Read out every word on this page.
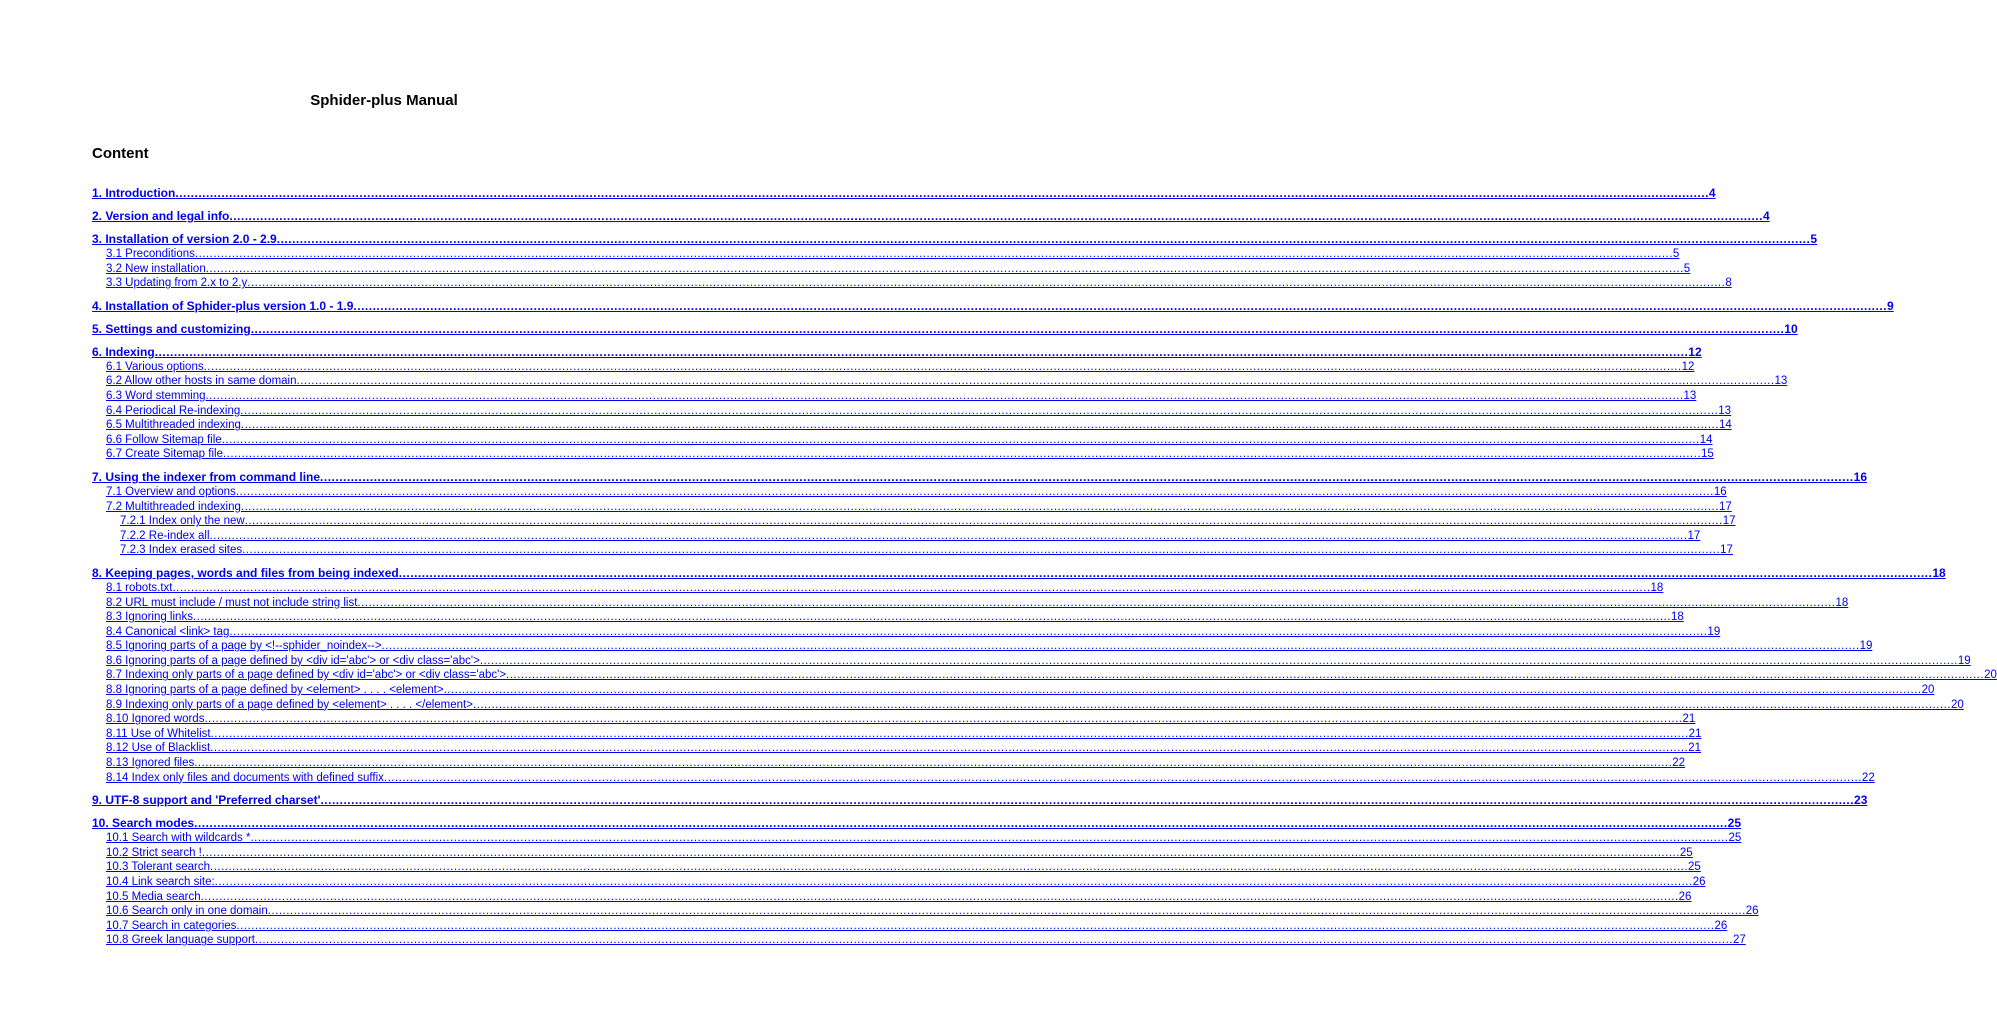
Sphider-plus Manual
Content
1. Introduction ................................................................................................................................................................................................................................................................................................................................................................................................................ 4
2. Version and legal info ................................................................................................................................................................................................................................................................................................................................................................................................................ 4
3. Installation of version 2.0 - 2.9 ................................................................................................................................................................................................................................................................................................................................................................................................................ 5
3.1 Preconditions ................................................................................................................................................................................................................................................................................................................................................................................................................ 5
3.2 New installation ................................................................................................................................................................................................................................................................................................................................................................................................................ 5
3.3 Updating from 2.x to 2.y ................................................................................................................................................................................................................................................................................................................................................................................................................ 8
4. Installation of Sphider-plus version 1.0 - 1.9 ................................................................................................................................................................................................................................................................................................................................................................................................................ 9
5. Settings and customizing ................................................................................................................................................................................................................................................................................................................................................................................................................ 10
6. Indexing ................................................................................................................................................................................................................................................................................................................................................................................................................ 12
6.1 Various options ................................................................................................................................................................................................................................................................................................................................................................................................................ 12
6.2 Allow other hosts in same domain ................................................................................................................................................................................................................................................................................................................................................................................................................ 13
6.3 Word stemming ................................................................................................................................................................................................................................................................................................................................................................................................................ 13
6.4 Periodical Re-indexing ................................................................................................................................................................................................................................................................................................................................................................................................................ 13
6.5 Multithreaded indexing ................................................................................................................................................................................................................................................................................................................................................................................................................ 14
6.6 Follow Sitemap file ................................................................................................................................................................................................................................................................................................................................................................................................................ 14
6.7 Create Sitemap file ................................................................................................................................................................................................................................................................................................................................................................................................................ 15
7. Using the indexer from command line ................................................................................................................................................................................................................................................................................................................................................................................................................ 16
7.1 Overview and options ................................................................................................................................................................................................................................................................................................................................................................................................................ 16
7.2 Multithreaded indexing ................................................................................................................................................................................................................................................................................................................................................................................................................ 17
7.2.1 Index only the new ................................................................................................................................................................................................................................................................................................................................................................................................................ 17
7.2.2 Re-index all ................................................................................................................................................................................................................................................................................................................................................................................................................ 17
7.2.3 Index erased sites ................................................................................................................................................................................................................................................................................................................................................................................................................ 17
8. Keeping pages, words and files from being indexed ................................................................................................................................................................................................................................................................................................................................................................................................................ 18
8.1 robots.txt ................................................................................................................................................................................................................................................................................................................................................................................................................ 18
8.2 URL must include / must not include string list ................................................................................................................................................................................................................................................................................................................................................................................................................ 18
8.3 Ignoring links ................................................................................................................................................................................................................................................................................................................................................................................................................ 18
8.4 Canonical <link> tag ................................................................................................................................................................................................................................................................................................................................................................................................................ 19
8.5 Ignoring parts of a page by <!--sphider_noindex--> ................................................................................................................................................................................................................................................................................................................................................................................................................ 19
8.6 Ignoring parts of a page defined by <div id='abc'> or <div class='abc'> ................................................................................................................................................................................................................................................................................................................................................................................................................ 19
8.7 Indexing only parts of a page defined by <div id='abc'> or <div class='abc'> ................................................................................................................................................................................................................................................................................................................................................................................................................ 20
8.8 Ignoring parts of a page defined by <element> . . . . <element> ................................................................................................................................................................................................................................................................................................................................................................................................................ 20
8.9 Indexing only parts of a page defined by <element> . . . . </element> ................................................................................................................................................................................................................................................................................................................................................................................................................ 20
8.10 Ignored words ................................................................................................................................................................................................................................................................................................................................................................................................................ 21
8.11 Use of Whitelist ................................................................................................................................................................................................................................................................................................................................................................................................................ 21
8.12 Use of Blacklist ................................................................................................................................................................................................................................................................................................................................................................................................................ 21
8.13 Ignored files ................................................................................................................................................................................................................................................................................................................................................................................................................ 22
8.14 Index only files and documents with defined suffix ................................................................................................................................................................................................................................................................................................................................................................................................................ 22
9. UTF-8 support and 'Preferred charset' ................................................................................................................................................................................................................................................................................................................................................................................................................ 23
10. Search modes ................................................................................................................................................................................................................................................................................................................................................................................................................ 25
10.1 Search with wildcards * ................................................................................................................................................................................................................................................................................................................................................................................................................ 25
10.2 Strict search ! ................................................................................................................................................................................................................................................................................................................................................................................................................ 25
10.3 Tolerant search ................................................................................................................................................................................................................................................................................................................................................................................................................ 25
10.4 Link search site: ................................................................................................................................................................................................................................................................................................................................................................................................................ 26
10.5 Media search ................................................................................................................................................................................................................................................................................................................................................................................................................ 26
10.6 Search only in one domain ................................................................................................................................................................................................................................................................................................................................................................................................................ 26
10.7 Search in categories ................................................................................................................................................................................................................................................................................................................................................................................................................ 26
10.8 Greek language support ................................................................................................................................................................................................................................................................................................................................................................................................................ 27
